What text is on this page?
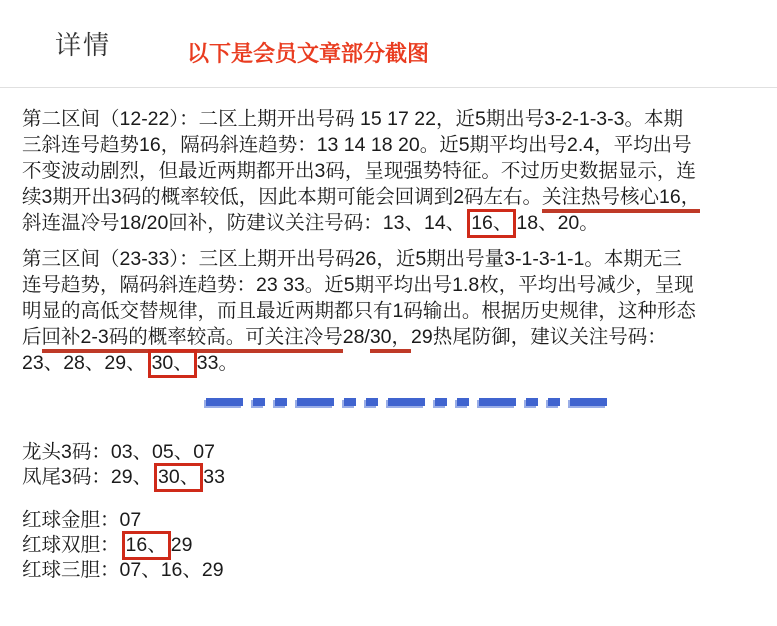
详情	以下是会员文章部分截图
第二区间（12-22）：二区上期开出号码 15 17 22，近5期出号3-2-1-3-3。本期
三斜连号趋势16，隔码斜连趋势：13 14 18 20。近5期平均出号2.4，平均出号
不变波动剧烈，但最近两期都开出3码，呈现强势特征。不过历史数据显示，连
续3期开出3码的概率较低，因此本期可能会回调到2码左右。关注热号核心16，
斜连温冷号18/20回补，防建议关注号码：13、14、 16、 18、20。
第三区间（23-33）：三区上期开出号码26，近5期出号量3-1-3-1-1。本期无三
连号趋势，隔码斜连趋势：23 33。近5期平均出号1.8枚，平均出号减少，呈现
明显的高低交替规律，而且最近两期都只有1码输出。根据历史规律，这种形态
后回补2-3码的概率较高。可关注冷号28/30，29热尾防御，建议关注号码：
23、28、29、 30、 33。
龙头3码：03、05、07
凤尾3码：29、 30、 33
红球金胆：07
红球双胆： 16、 29
红球三胆：07、16、29
